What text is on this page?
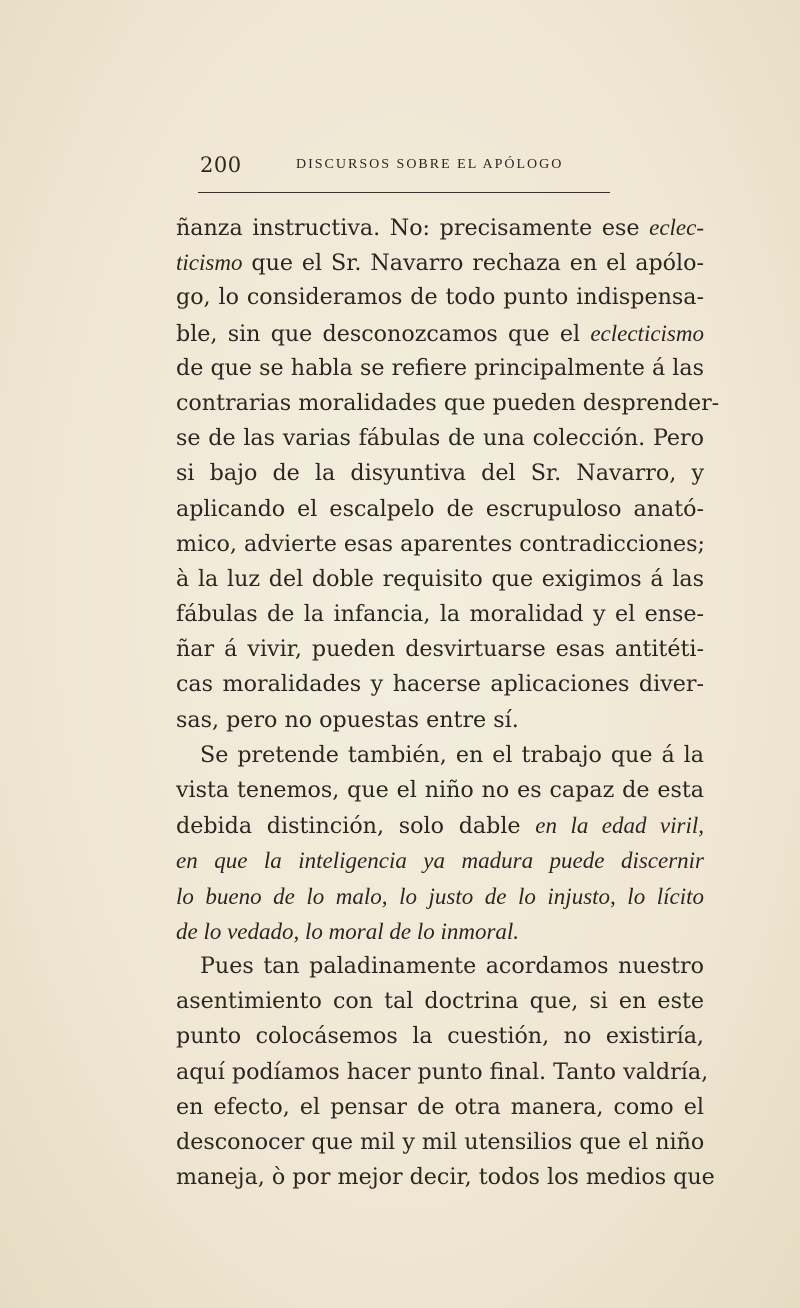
200	DISCURSOS SOBRE EL APÓLOGO
ñanza instructiva. No: precisamente ese eclec-
ticismo que el Sr. Navarro rechaza en el apólo-
go, lo consideramos de todo punto indispensa-
ble, sin que desconozcamos que el eclecticismo
de que se habla se refiere principalmente á las
contrarias moralidades que pueden desprender-
se de las varias fábulas de una colección. Pero
si bajo de la disyuntiva del Sr. Navarro, y
aplicando el escalpelo de escrupuloso anató-
mico, advierte esas aparentes contradicciones;
à la luz del doble requisito que exigimos á las
fábulas de la infancia, la moralidad y el ense-
ñar á vivir, pueden desvirtuarse esas antitéti-
cas moralidades y hacerse aplicaciones diver-
sas, pero no opuestas entre sí.
Se pretende también, en el trabajo que á la
vista tenemos, que el niño no es capaz de esta
debida distinción, solo dable en la edad viril,
en que la inteligencia ya madura puede discernir
lo bueno de lo malo, lo justo de lo injusto, lo lícito
de lo vedado, lo moral de lo inmoral.
Pues tan paladinamente acordamos nuestro
asentimiento con tal doctrina que, si en este
punto colocásemos la cuestión, no existiría,
aquí podíamos hacer punto final. Tanto valdría,
en efecto, el pensar de otra manera, como el
desconocer que mil y mil utensilios que el niño
maneja, ò por mejor decir, todos los medios que
